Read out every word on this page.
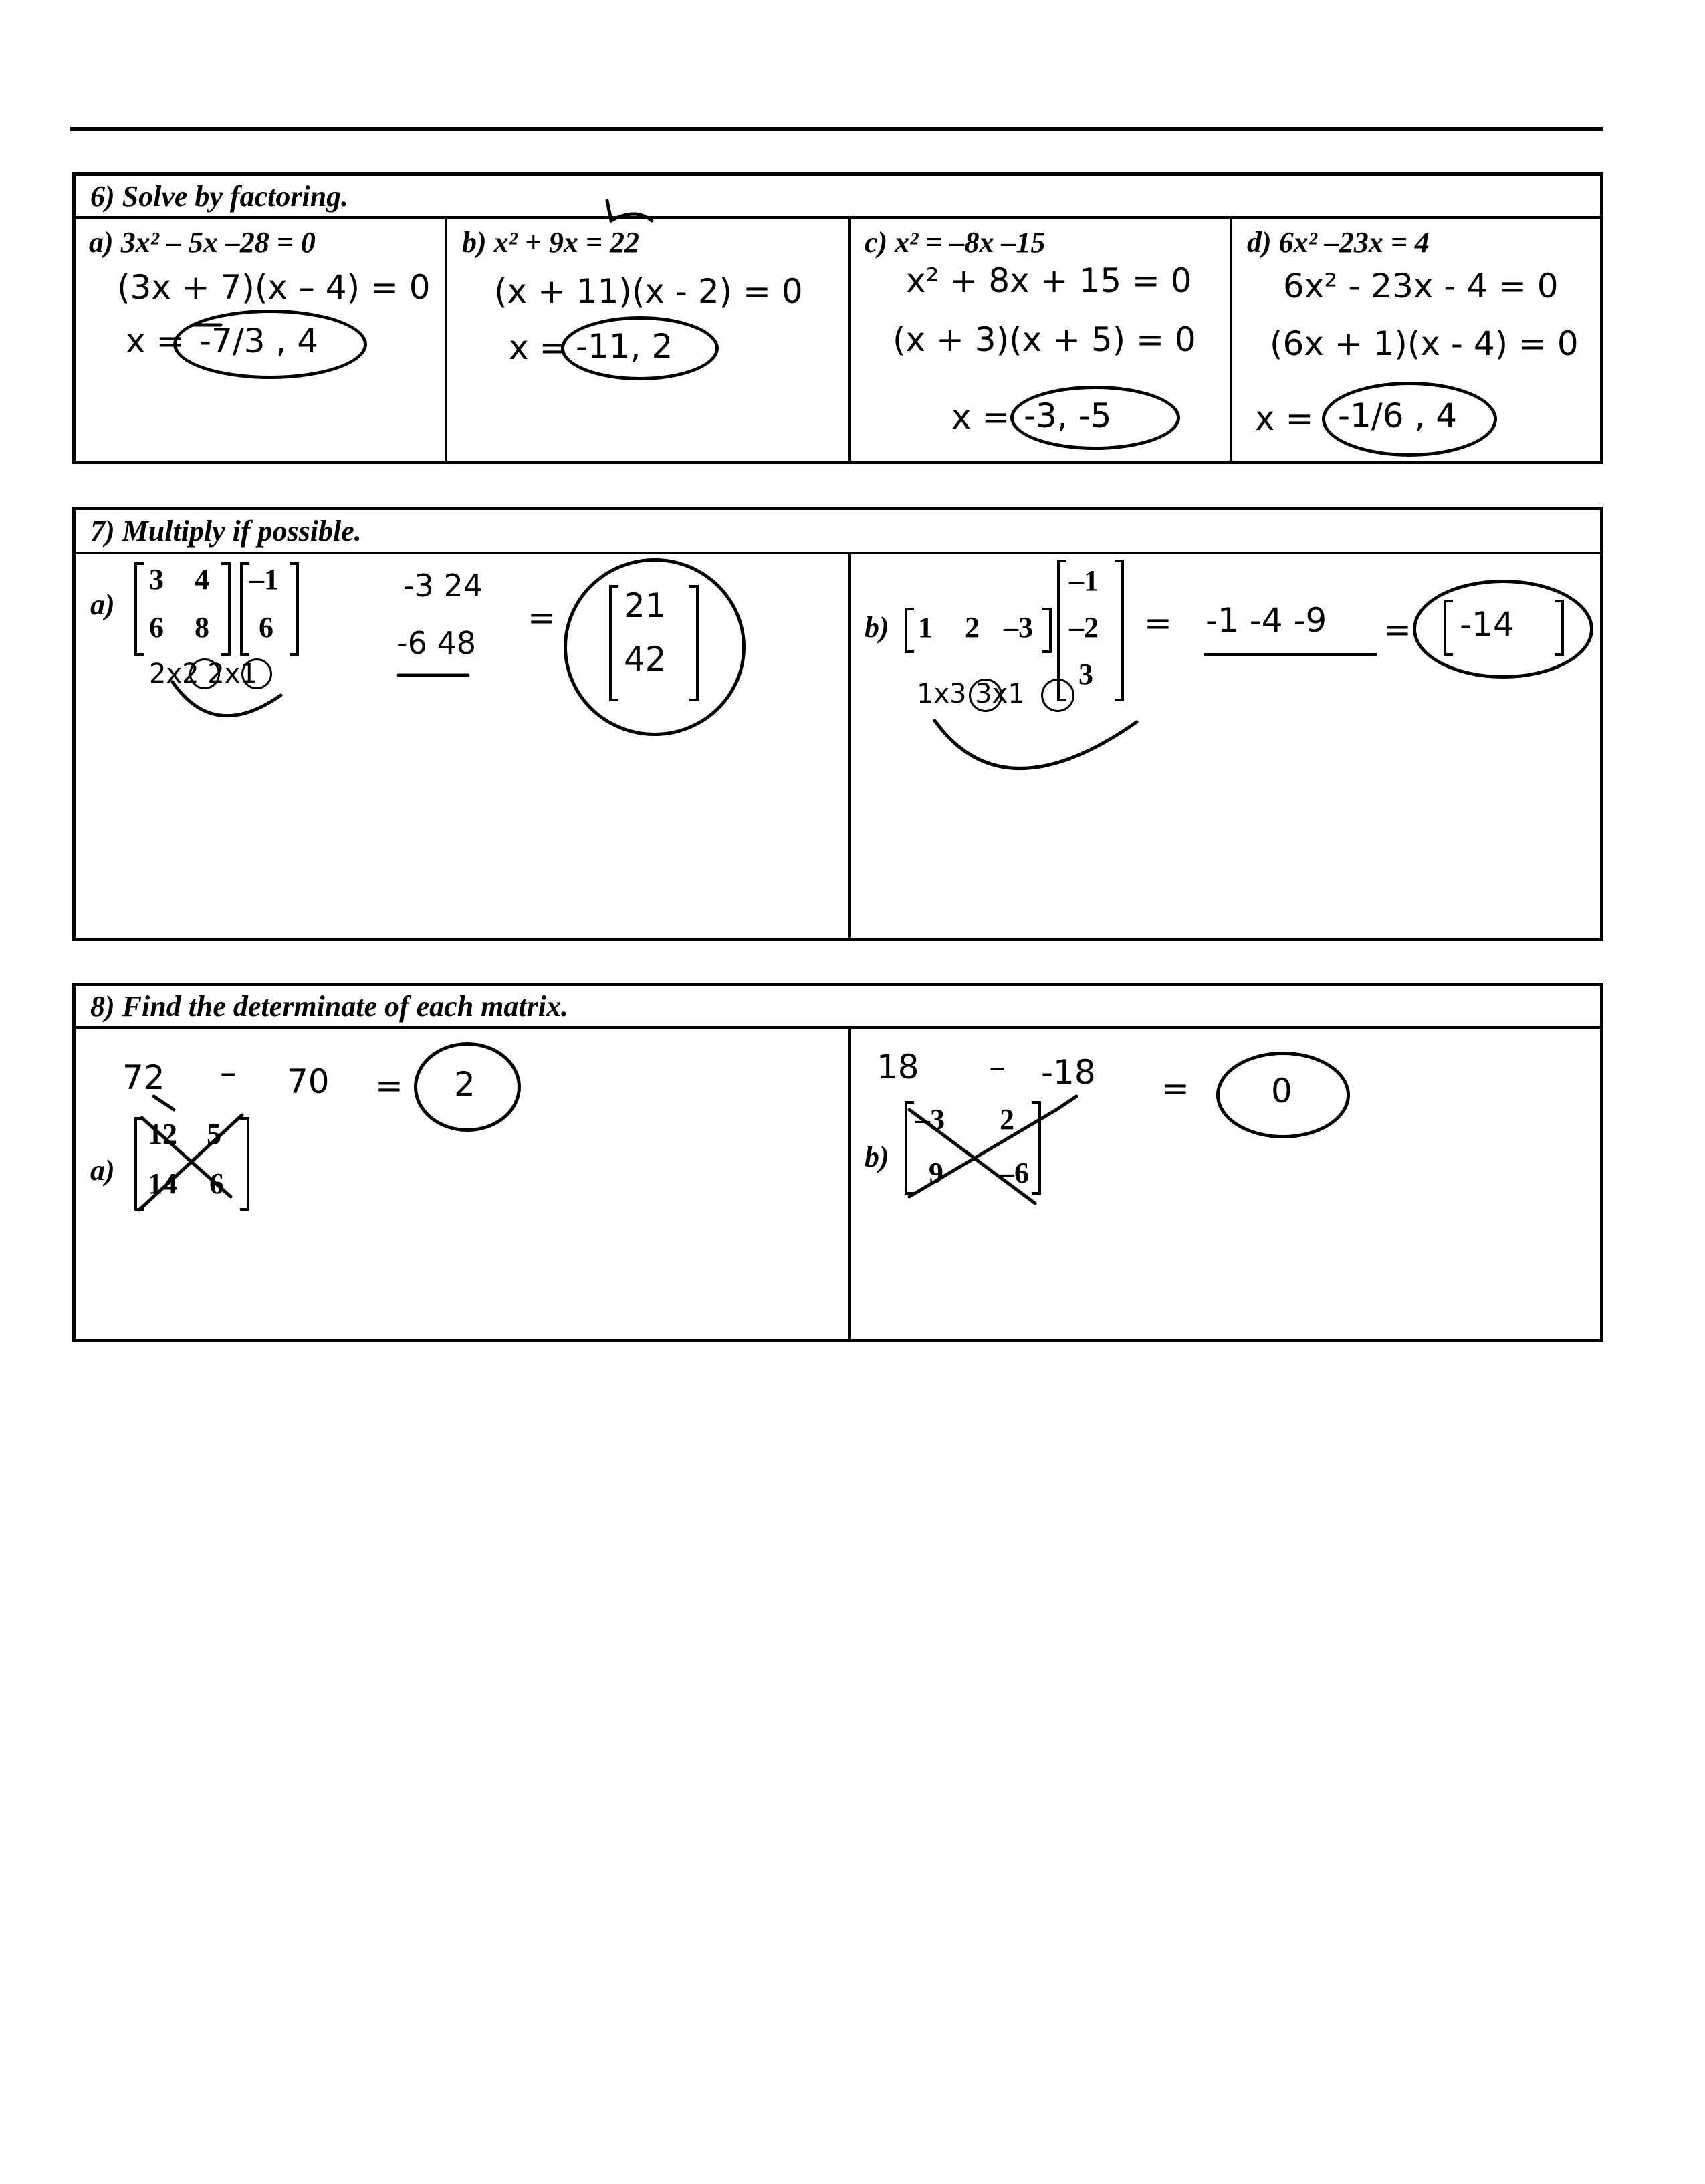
6) Solve by factoring.
a) 3x² – 5x –28 = 0
(3x + 7)(x – 4) = 0
x = -7/3 , 4
b) x² + 9x = 22
(x + 11)(x - 2) = 0
x = -11, 2
c) x² = –8x –15
x² + 8x + 15 = 0
(x + 3)(x + 5) = 0
x = -3, -5
d) 6x² –23x = 4
6x² - 23x - 4 = 0
(6x + 1)(x - 4) = 0
x = -1/6 , 4
7) Multiply if possible.
a)
3 4
6 8
–1
6
2x2 2x1
-3 24
-6 48
= 21
42
b) 1 2 –3
–1
–2
3
1x3 3x1
= -1 -4 -9 = -14
8) Find the determinate of each matrix.
72 – 70 = 2
a)
12 5
14 6
18 – -18 = 0
b)
–3 2
9 –6
